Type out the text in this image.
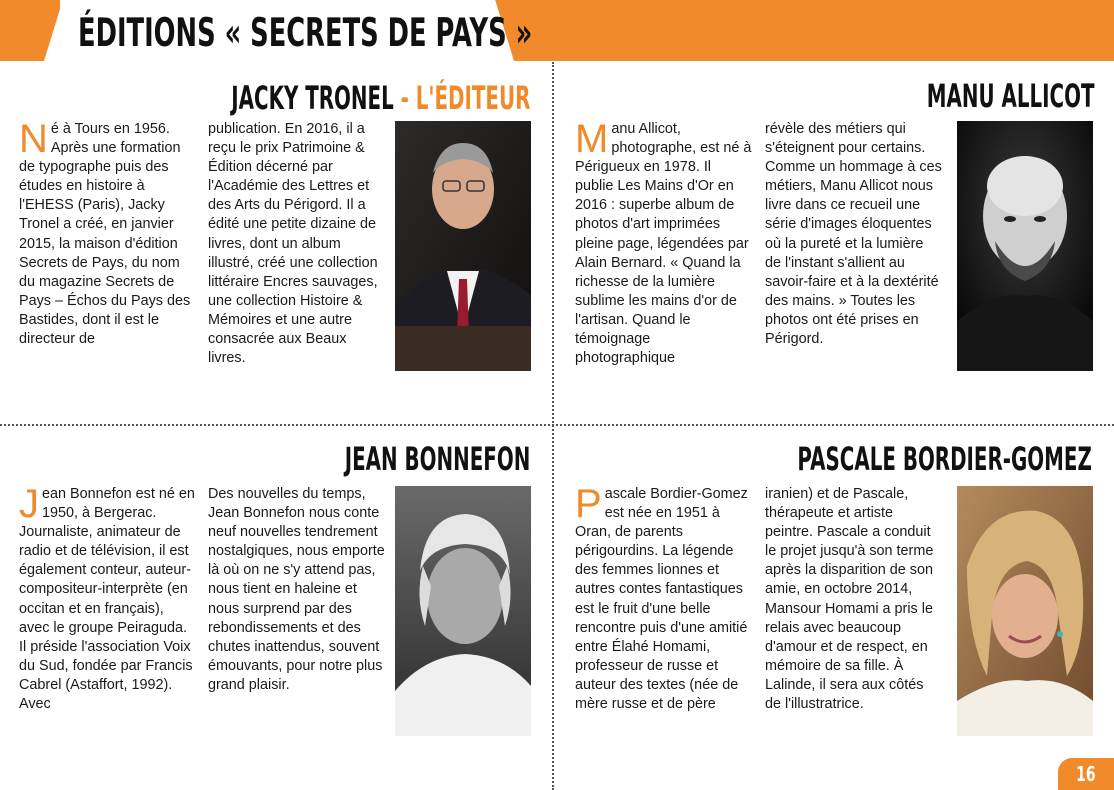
ÉDITIONS « SECRETS DE PAYS »
JACKY TRONEL - L'ÉDITEUR
N é à Tours en 1956. Après une formation de typographe puis des études en histoire à l'EHESS (Paris), Jacky Tronel a créé, en janvier 2015, la maison d'édition Secrets de Pays, du nom du magazine Secrets de Pays – Échos du Pays des Bastides, dont il est le directeur de

publication. En 2016, il a reçu le prix Patrimoine & Édition décerné par l'Académie des Lettres et des Arts du Périgord. Il a édité une petite dizaine de livres, dont un album illustré, créé une collection littéraire Encres sauvages, une collection Histoire & Mémoires et une autre consacrée aux Beaux livres.

MANU ALLICOT
M anu Allicot, photographe, est né à Périgueux en 1978. Il publie Les Mains d'Or en 2016 : superbe album de photos d'art imprimées pleine page, légendées par Alain Bernard. « Quand la richesse de la lumière sublime les mains d'or de l'artisan. Quand le témoignage photographique

révèle des métiers qui s'éteignent pour certains. Comme un hommage à ces métiers, Manu Allicot nous livre dans ce recueil une série d'images éloquentes où la pureté et la lumière de l'instant s'allient au savoir-faire et à la dextérité des mains. » Toutes les photos ont été prises en Périgord.

JEAN BONNEFON
J ean Bonnefon est né en 1950, à Bergerac. Journaliste, animateur de radio et de télévision, il est également conteur, auteur-compositeur-interprète (en occitan et en français), avec le groupe Peiraguda. Il préside l'association Voix du Sud, fondée par Francis Cabrel (Astaffort, 1992). Avec

Des nouvelles du temps, Jean Bonnefon nous conte neuf nouvelles tendrement nostalgiques, nous emporte là où on ne s'y attend pas, nous tient en haleine et nous surprend par des rebondissements et des chutes inattendus, souvent émouvants, pour notre plus grand plaisir.

PASCALE BORDIER-GOMEZ
P ascale Bordier-Gomez est née en 1951 à Oran, de parents périgourdins. La légende des femmes lionnes et autres contes fantastiques est le fruit d'une belle rencontre puis d'une amitié entre Élahé Homami, professeur de russe et auteur des textes (née de mère russe et de père

iranien) et de Pascale, thérapeute et artiste peintre. Pascale a conduit le projet jusqu'à son terme après la disparition de son amie, en octobre 2014, Mansour Homami a pris le relais avec beaucoup d'amour et de respect, en mémoire de sa fille. À Lalinde, il sera aux côtés de l'illustratrice.

16
